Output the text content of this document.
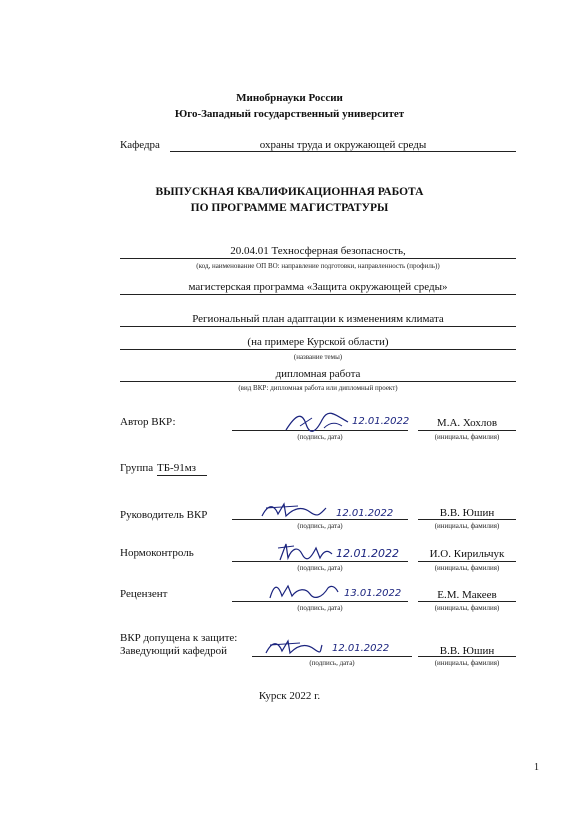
Минобрнауки России
Юго-Западный государственный университет
Кафедра	охраны труда и окружающей среды
ВЫПУСКНАЯ КВАЛИФИКАЦИОННАЯ РАБОТА
ПО ПРОГРАММЕ МАГИСТРАТУРЫ
20.04.01 Техносферная безопасность,
(код, наименование ОП ВО: направление подготовки, направленность (профиль))
магистерская программа «Защита окружающей среды»
Региональный план адаптации к изменениям климата
(на примере Курской области)
(название темы)
дипломная работа
(вид ВКР: дипломная работа или дипломный проект)
Автор ВКР:	12.01.2022
(подпись, дата)
М.А. Хохлов
(инициалы, фамилия)
Группа ТБ-91мз
Руководитель ВКР	12.01.2022
(подпись, дата)
В.В. Юшин
(инициалы, фамилия)
Нормоконтроль	12.01.2022
(подпись, дата)
И.О. Кирильчук
(инициалы, фамилия)
Рецензент	13.01.2022
(подпись, дата)
Е.М. Макеев
(инициалы, фамилия)
ВКР допущена к защите:
Заведующий кафедрой	12.01.2022
(подпись, дата)
В.В. Юшин
(инициалы, фамилия)
Курск 2022 г.
1
